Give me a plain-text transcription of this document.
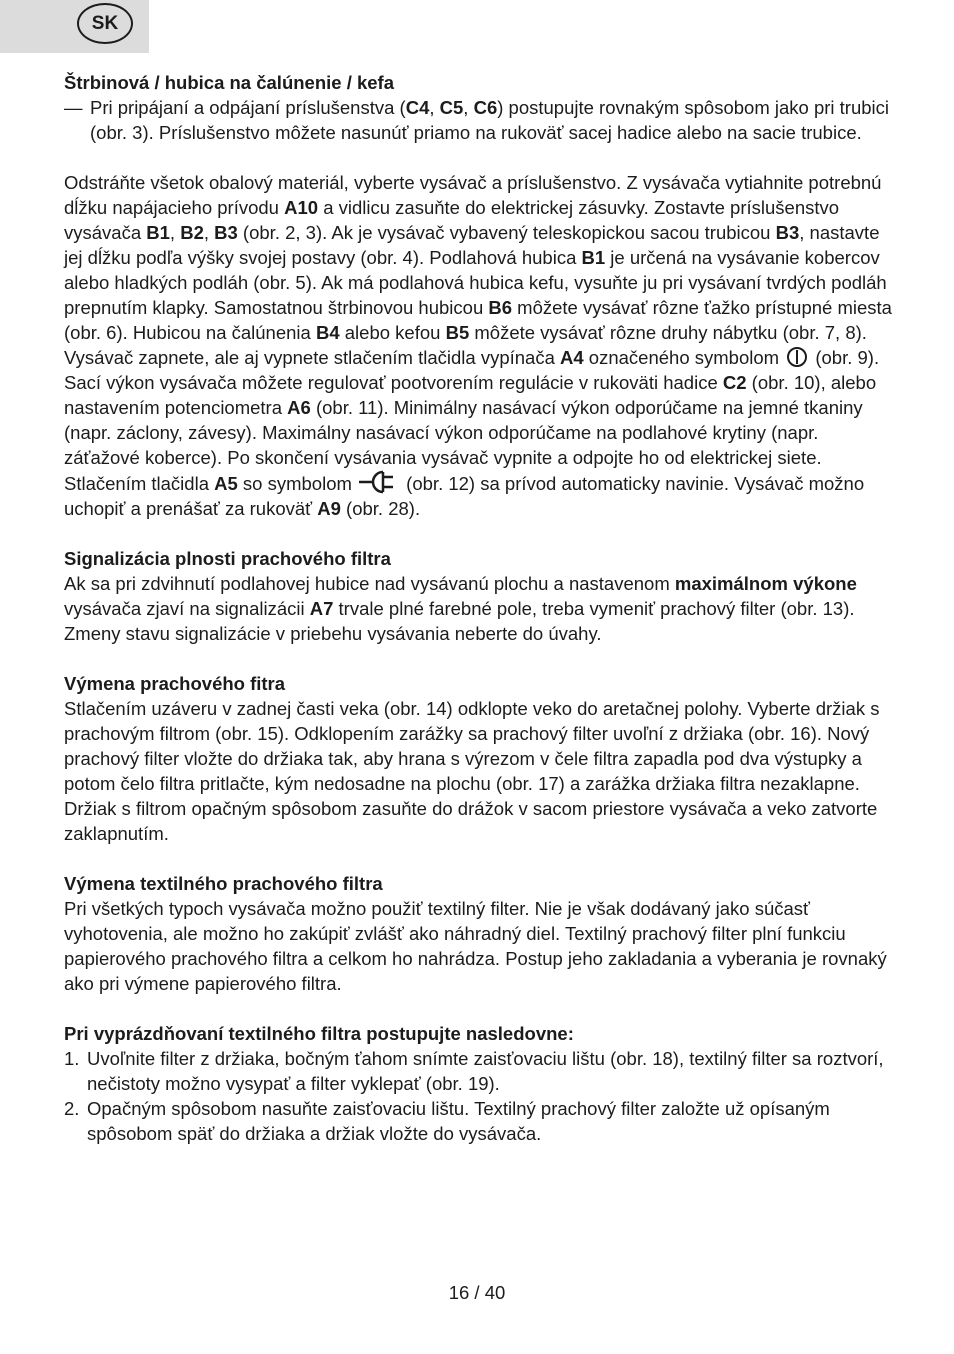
SK

Štrbinová / hubica na čalúnenie / kefa

— Pri pripájaní a odpájaní príslušenstva (C4, C5, C6) postupujte rovnakým spôsobom jako pri trubici (obr. 3). Príslušenstvo môžete nasunúť priamo na rukoväť sacej hadice alebo na sacie trubice.

Odstráňte všetok obalový materiál, vyberte vysávač a príslušenstvo. Z vysávača vytiahnite potrebnú dĺžku napájacieho prívodu A10 a vidlicu zasuňte do elektrickej zásuvky. Zostavte príslušenstvo vysávača B1, B2, B3 (obr. 2, 3). Ak je vysávač vybavený teleskopickou sacou trubicou B3, nastavte jej dĺžku podľa výšky svojej postavy (obr. 4). Podlahová hubica B1 je určená na vysávanie kobercov alebo hladkých podláh (obr. 5). Ak má podlahová hubica kefu, vysuňte ju pri vysávaní tvrdých podláh prepnutím klapky. Samostatnou štrbinovou hubicou B6 môžete vysávať rôzne ťažko prístupné miesta (obr. 6). Hubicou na čalúnenia B4 alebo kefou B5 môžete vysávať rôzne druhy nábytku (obr. 7, 8). Vysávač zapnete, ale aj vypnete stlačením tlačidla vypínača A4 označeného symbolom  (obr. 9). Sací výkon vysávača môžete regulovať pootvorením regulácie v rukoväti hadice C2 (obr. 10), alebo nastavením potenciometra A6 (obr. 11). Minimálny nasávací výkon odporúčame na jemné tkaniny (napr. záclony, závesy). Maximálny nasávací výkon odporúčame na podlahové krytiny (napr. záťažové koberce). Po skončení vysávania vysávač vypnite a odpojte ho od elektrickej siete. Stlačením tlačidla A5 so symbolom	(obr. 12) sa prívod automaticky navinie. Vysávač možno uchopiť a prenášať za rukoväť A9 (obr. 28).

Signalizácia plnosti prachového filtra

Ak sa pri zdvihnutí podlahovej hubice nad vysávanú plochu a nastavenom maximálnom výkone vysávača zjaví na signalizácii A7 trvale plné farebné pole, treba vymeniť prachový filter (obr. 13). Zmeny stavu signalizácie v priebehu vysávania neberte do úvahy.

Výmena prachového fitra

Stlačením uzáveru v zadnej časti veka (obr. 14) odklopte veko do aretačnej polohy. Vyberte držiak s prachovým filtrom (obr. 15). Odklopením zarážky sa prachový filter uvoľní z držiaka (obr. 16). Nový prachový filter vložte do držiaka tak, aby hrana s výrezom v čele filtra zapadla pod dva výstupky a potom čelo filtra pritlačte, kým nedosadne na plochu (obr. 17) a zarážka držiaka filtra nezaklapne. Držiak s filtrom opačným spôsobom zasuňte do drážok v sacom priestore vysávača a veko zatvorte zaklapnutím.

Výmena textilného prachového filtra

Pri všetkých typoch vysávača možno použiť textilný filter. Nie je však dodávaný jako súčasť vyhotovenia, ale možno ho zakúpiť zvlášť ako náhradný diel. Textilný prachový filter plní funkciu papierového prachového filtra a celkom ho nahrádza. Postup jeho zakladania a vyberania je rovnaký ako pri výmene papierového filtra.

Pri vyprázdňovaní textilného filtra postupujte nasledovne:

1. Uvoľnite filter z držiaka, bočným ťahom snímte zaisťovaciu lištu (obr. 18), textilný filter sa roztvorí, nečistoty možno vysypať a filter vyklepať (obr. 19).

2. Opačným spôsobom nasuňte zaisťovaciu lištu. Textilný prachový filter založte už opísaným spôsobom späť do držiaka a držiak vložte do vysávača.

16 / 40
